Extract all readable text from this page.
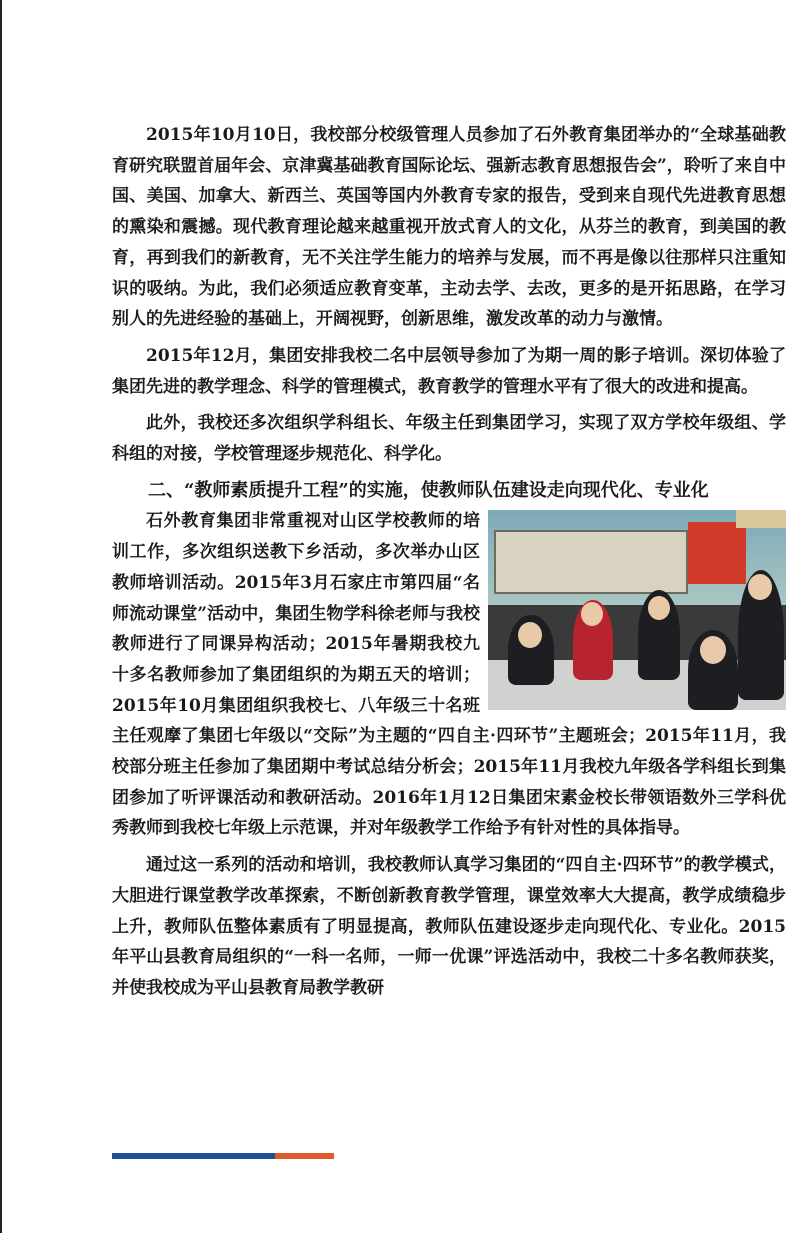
2015年10月10日，我校部分校级管理人员参加了石外教育集团举办的“全球基础教育研究联盟首届年会、京津冀基础教育国际论坛、强新志教育思想报告会”，聆听了来自中国、美国、加拿大、新西兰、英国等国内外教育专家的报告，受到来自现代先进教育思想的熏染和震撼。现代教育理论越来越重视开放式育人的文化，从芬兰的教育，到美国的教育，再到我们的新教育，无不关注学生能力的培养与发展，而不再是像以往那样只注重知识的吸纳。为此，我们必须适应教育变革，主动去学、去改，更多的是开拓思路，在学习别人的先进经验的基础上，开阔视野，创新思维，激发改革的动力与激情。

2015年12月，集团安排我校二名中层领导参加了为期一周的影子培训。深切体验了集团先进的教学理念、科学的管理模式，教育教学的管理水平有了很大的改进和提高。

此外，我校还多次组织学科组长、年级主任到集团学习，实现了双方学校年级组、学科组的对接，学校管理逐步规范化、科学化。

二、“教师素质提升工程”的实施，使教师队伍建设走向现代化、专业化

石外教育集团非常重视对山区学校教师的培训工作，多次组织送教下乡活动，多次举办山区教师培训活动。2015年3月石家庄市第四届“名师流动课堂”活动中，集团生物学科徐老师与我校教师进行了同课异构活动；2015年暑期我校九十多名教师参加了集团组织的为期五天的培训；2015年10月集团组织我校七、八年级三十名班主任观摩了集团七年级以“交际”为主题的“四自主·四环节”主题班会；2015年11月，我校部分班主任参加了集团期中考试总结分析会；2015年11月我校九年级各学科组长到集团参加了听评课活动和教研活动。2016年1月12日集团宋素金校长带领语数外三学科优秀教师到我校七年级上示范课，并对年级教学工作给予有针对性的具体指导。

通过这一系列的活动和培训，我校教师认真学习集团的“四自主·四环节”的教学模式，大胆进行课堂教学改革探索，不断创新教育教学管理，课堂效率大大提高，教学成绩稳步上升，教师队伍整体素质有了明显提高，教师队伍建设逐步走向现代化、专业化。2015年平山县教育局组织的“一科一名师，一师一优课”评选活动中，我校二十多名教师获奖，并使我校成为平山县教育局教学教研
